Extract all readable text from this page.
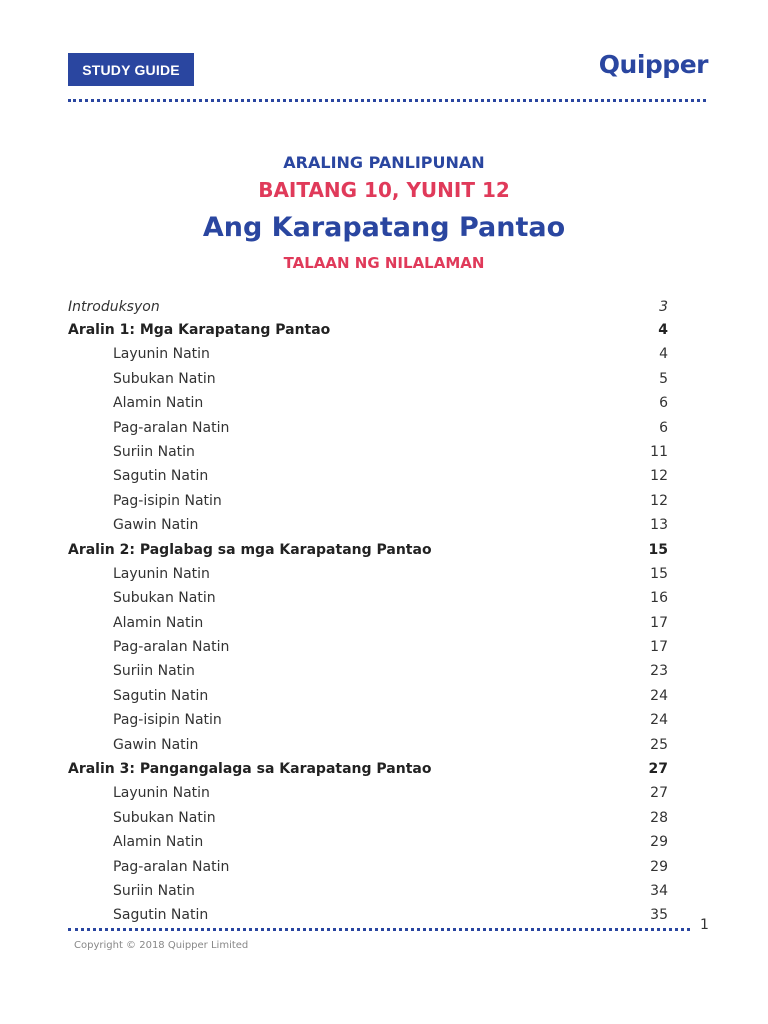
STUDY GUIDE	Quipper
ARALING PANLIPUNAN
BAITANG 10, YUNIT 12
Ang Karapatang Pantao
TALAAN NG NILALAMAN
Introduksyon	3
Aralin 1: Mga Karapatang Pantao	4
Layunin Natin	4
Subukan Natin	5
Alamin Natin	6
Pag-aralan Natin	6
Suriin Natin	11
Sagutin Natin	12
Pag-isipin Natin	12
Gawin Natin	13
Aralin 2: Paglabag sa mga Karapatang Pantao	15
Layunin Natin	15
Subukan Natin	16
Alamin Natin	17
Pag-aralan Natin	17
Suriin Natin	23
Sagutin Natin	24
Pag-isipin Natin	24
Gawin Natin	25
Aralin 3: Pangangalaga sa Karapatang Pantao	27
Layunin Natin	27
Subukan Natin	28
Alamin Natin	29
Pag-aralan Natin	29
Suriin Natin	34
Sagutin Natin	35
1
Copyright © 2018 Quipper Limited
